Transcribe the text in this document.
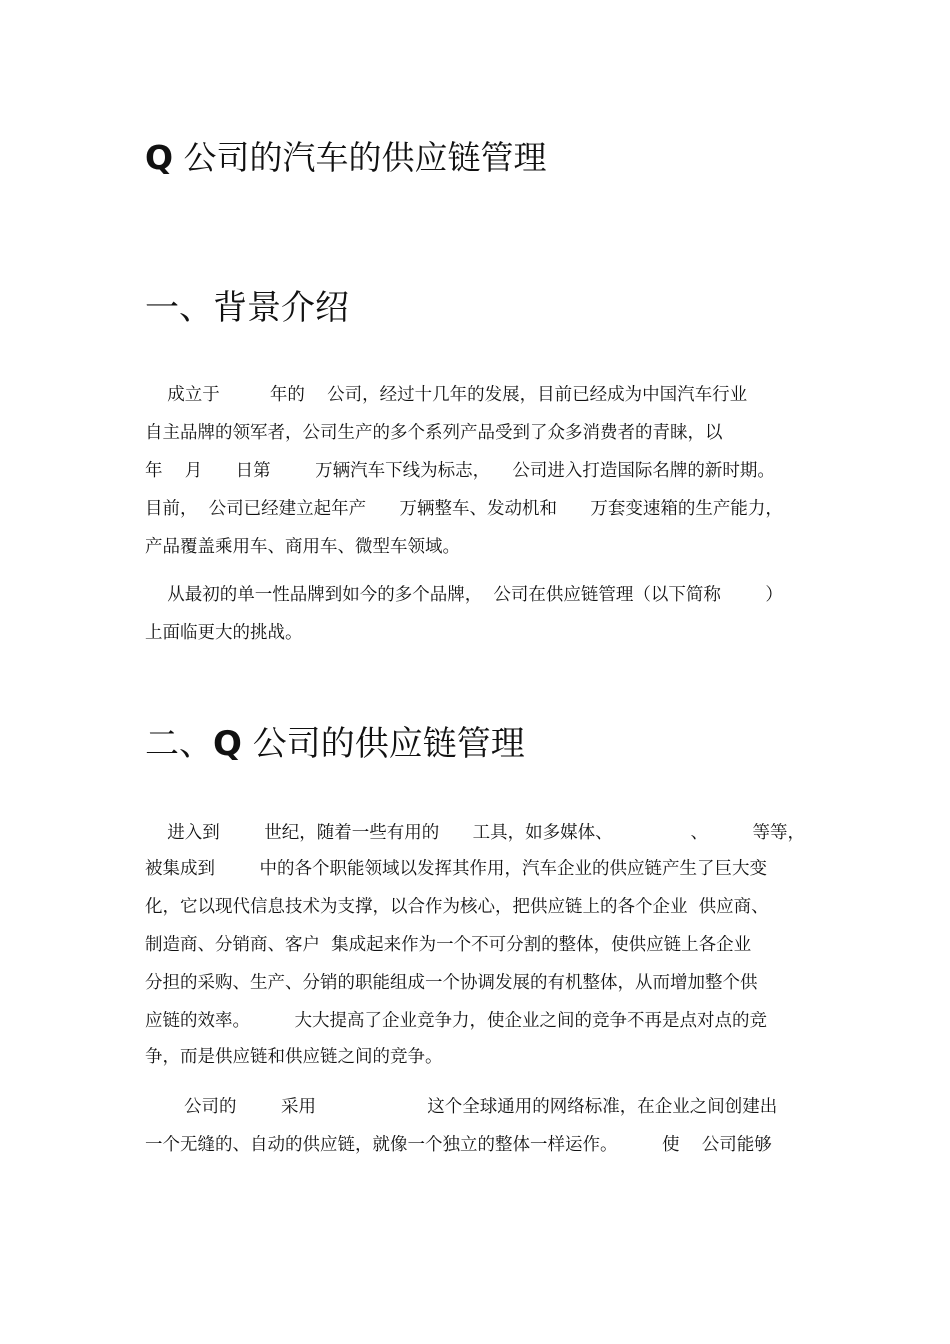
Q 公司的汽车的供应链管理
一、背景介绍

成立于         年的    公司，经过十几年的发展，目前已经成为中国汽车行业

自主品牌的领军者，公司生产的多个系列产品受到了众多消费者的青睐，以

年    月      日第        万辆汽车下线为标志，    公司进入打造国际名牌的新时期。

目前，  公司已经建立起年产      万辆整车、发动机和      万套变速箱的生产能力，

产品覆盖乘用车、商用车、微型车领域。

从最初的单一性品牌到如今的多个品牌，  公司在供应链管理（以下简称        ）

上面临更大的挑战。

二、Q 公司的供应链管理

进入到        世纪，随着一些有用的      工具，如多媒体、              、        等等，

被集成到        中的各个职能领域以发挥其作用，汽车企业的供应链产生了巨大变

化，它以现代信息技术为支撑，以合作为核心，把供应链上的各个企业  供应商、

制造商、分销商、客户  集成起来作为一个不可分割的整体，使供应链上各企业

分担的采购、生产、分销的职能组成一个协调发展的有机整体，从而增加整个供

应链的效率。        大大提高了企业竞争力，使企业之间的竞争不再是点对点的竞

争，而是供应链和供应链之间的竞争。

公司的        采用                    这个全球通用的网络标准，在企业之间创建出

一个无缝的、自动的供应链，就像一个独立的整体一样运作。        使    公司能够
